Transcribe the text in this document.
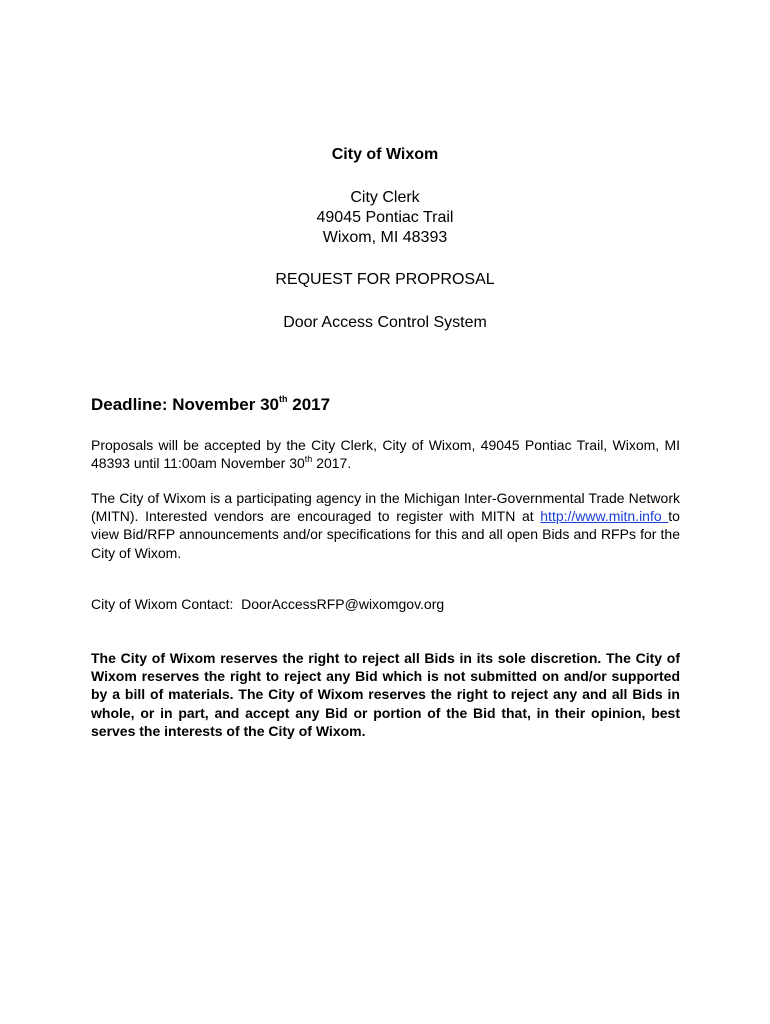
City of Wixom
City Clerk
49045 Pontiac Trail
Wixom, MI 48393
REQUEST FOR PROPROSAL
Door Access Control System
Deadline: November 30th 2017
Proposals will be accepted by the City Clerk, City of Wixom, 49045 Pontiac Trail, Wixom, MI 48393 until 11:00am November 30th 2017.
The City of Wixom is a participating agency in the Michigan Inter-Governmental Trade Network (MITN). Interested vendors are encouraged to register with MITN at http://www.mitn.info to view Bid/RFP announcements and/or specifications for this and all open Bids and RFPs for the City of Wixom.
City of Wixom Contact:  DoorAccessRFP@wixomgov.org
The City of Wixom reserves the right to reject all Bids in its sole discretion. The City of Wixom reserves the right to reject any Bid which is not submitted on and/or supported by a bill of materials. The City of Wixom reserves the right to reject any and all Bids in whole, or in part, and accept any Bid or portion of the Bid that, in their opinion, best serves the interests of the City of Wixom.
